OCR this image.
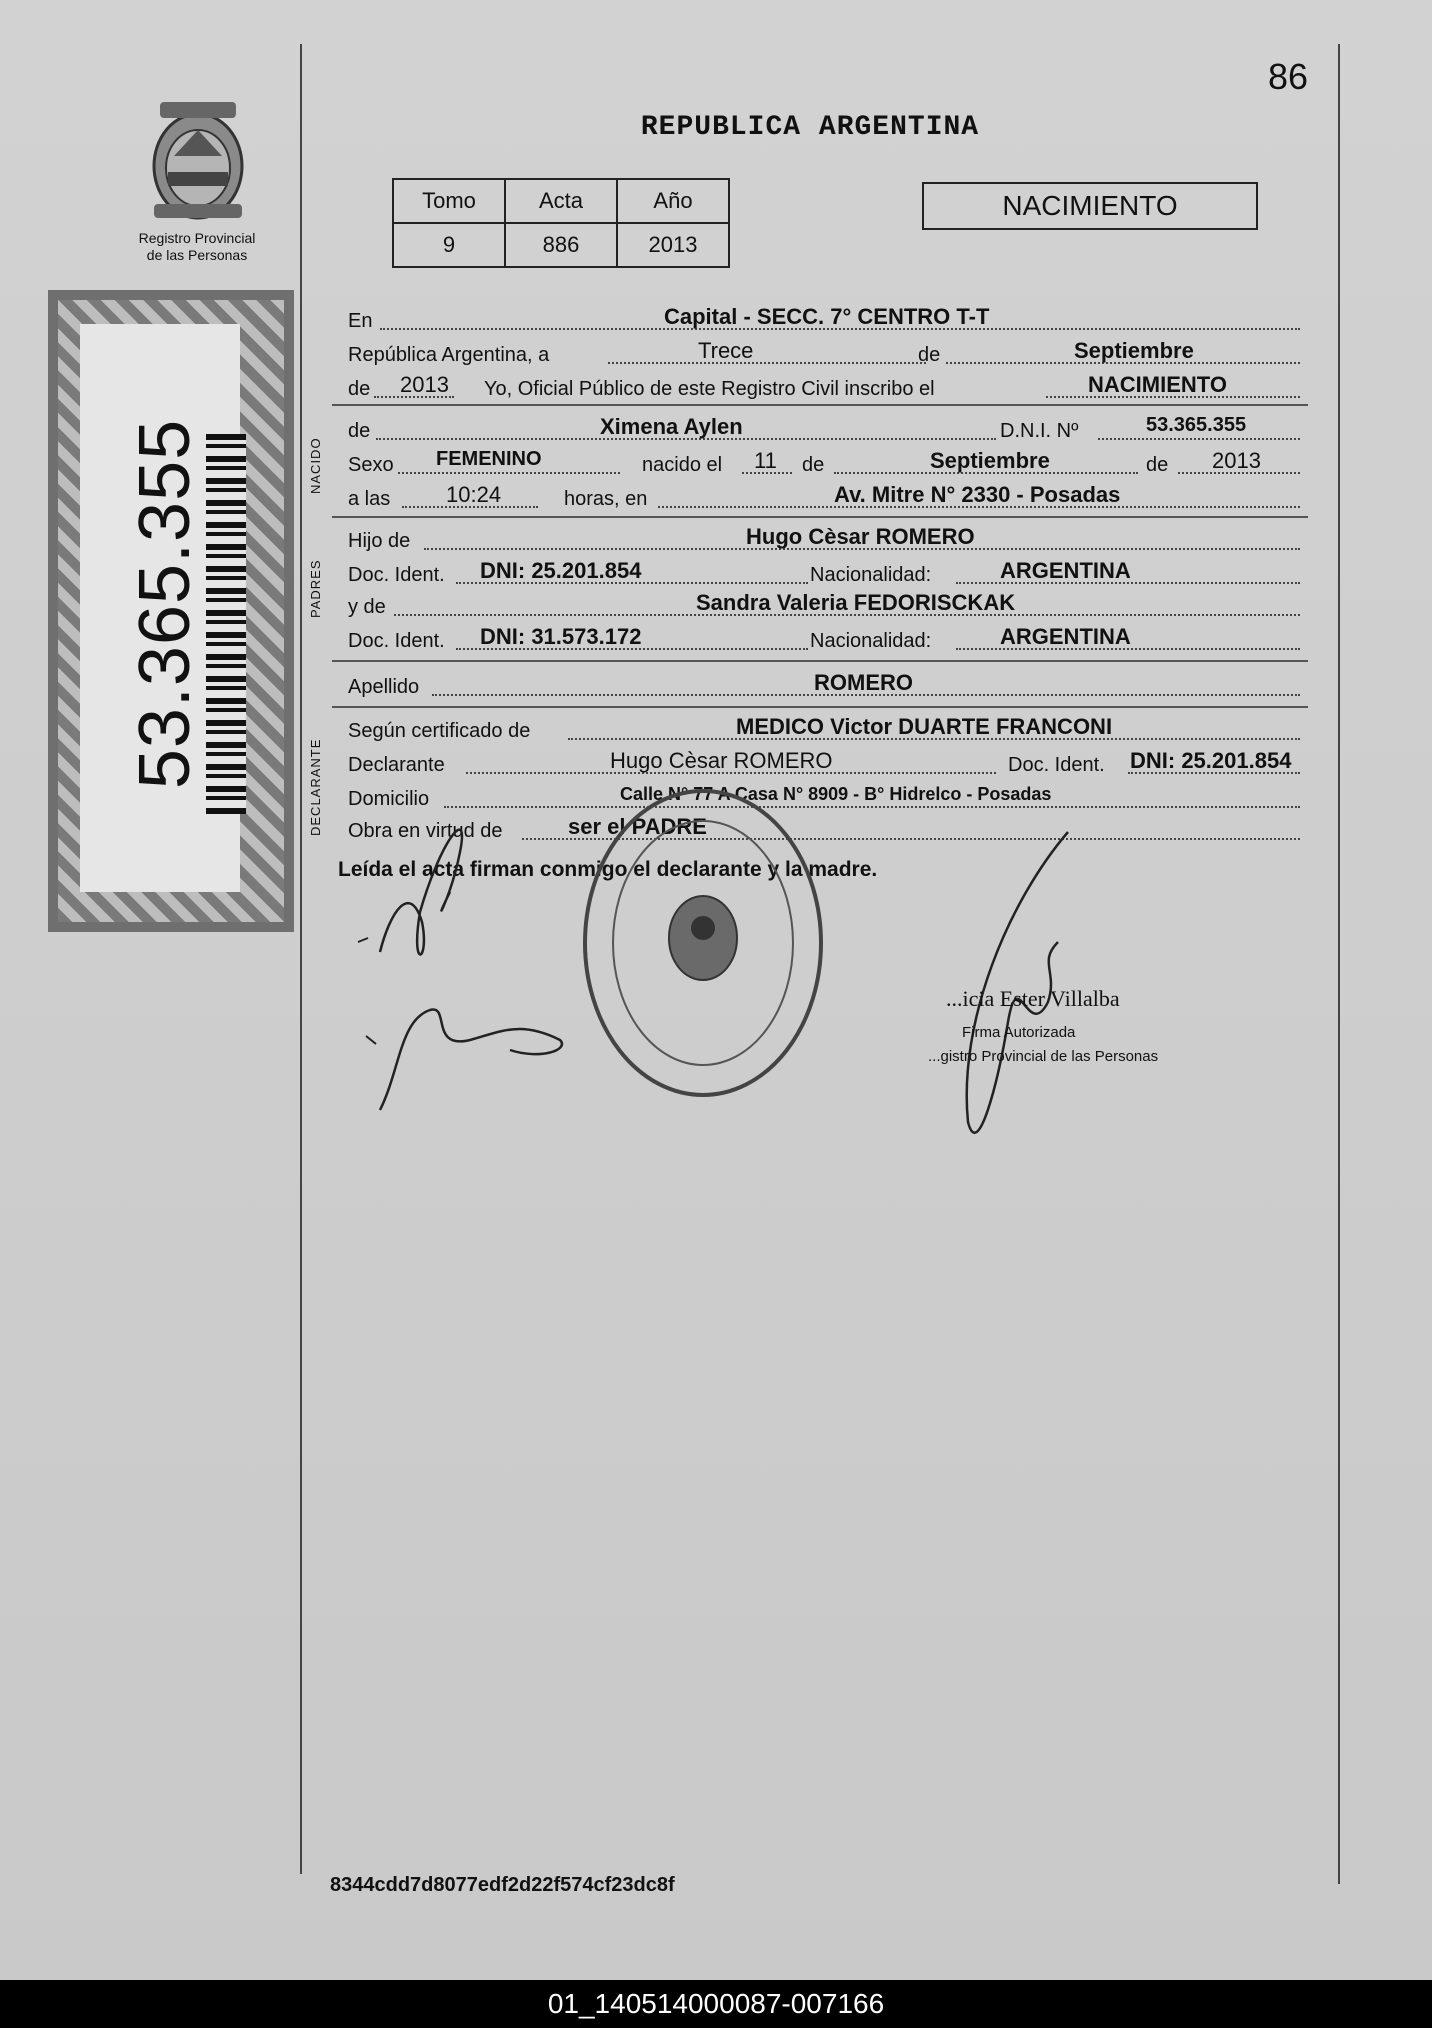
86
REPUBLICA ARGENTINA
Registro Provincial
de las Personas
53.365.355
Tomo	Acta	Año
9	886	2013
NACIMIENTO
En	Capital - SECC. 7° CENTRO T-T
República Argentina, a	Trece	de	Septiembre
de 2013 Yo, Oficial Público de este Registro Civil inscribo el	NACIMIENTO
NACIDO
de	Ximena Aylen	D.N.I. Nº	53.365.355
Sexo FEMENINO	nacido el 11 de	Septiembre	de 2013
a las	10:24	horas, en	Av. Mitre N° 2330 - Posadas
PADRES
Hijo de	Hugo Cèsar ROMERO
Doc. Ident. DNI: 25.201.854	Nacionalidad:	ARGENTINA
y de	Sandra Valeria FEDORISCKAK
Doc. Ident. DNI: 31.573.172	Nacionalidad:	ARGENTINA
Apellido	ROMERO
DECLARANTE
Según certificado de	MEDICO Victor DUARTE FRANCONI
Declarante	Hugo Cèsar ROMERO	Doc. Ident. DNI: 25.201.854
Domicilio	Calle N° 77 A Casa N° 8909 - B° Hidrelco - Posadas
Obra en virtud de	ser el PADRE
Leída el acta firman conmigo el declarante y la madre.
...icia Ester Villalba
Firma Autorizada
...gistro Provincial de las Personas
8344cdd7d8077edf2d22f574cf23dc8f
01_140514000087-007166
